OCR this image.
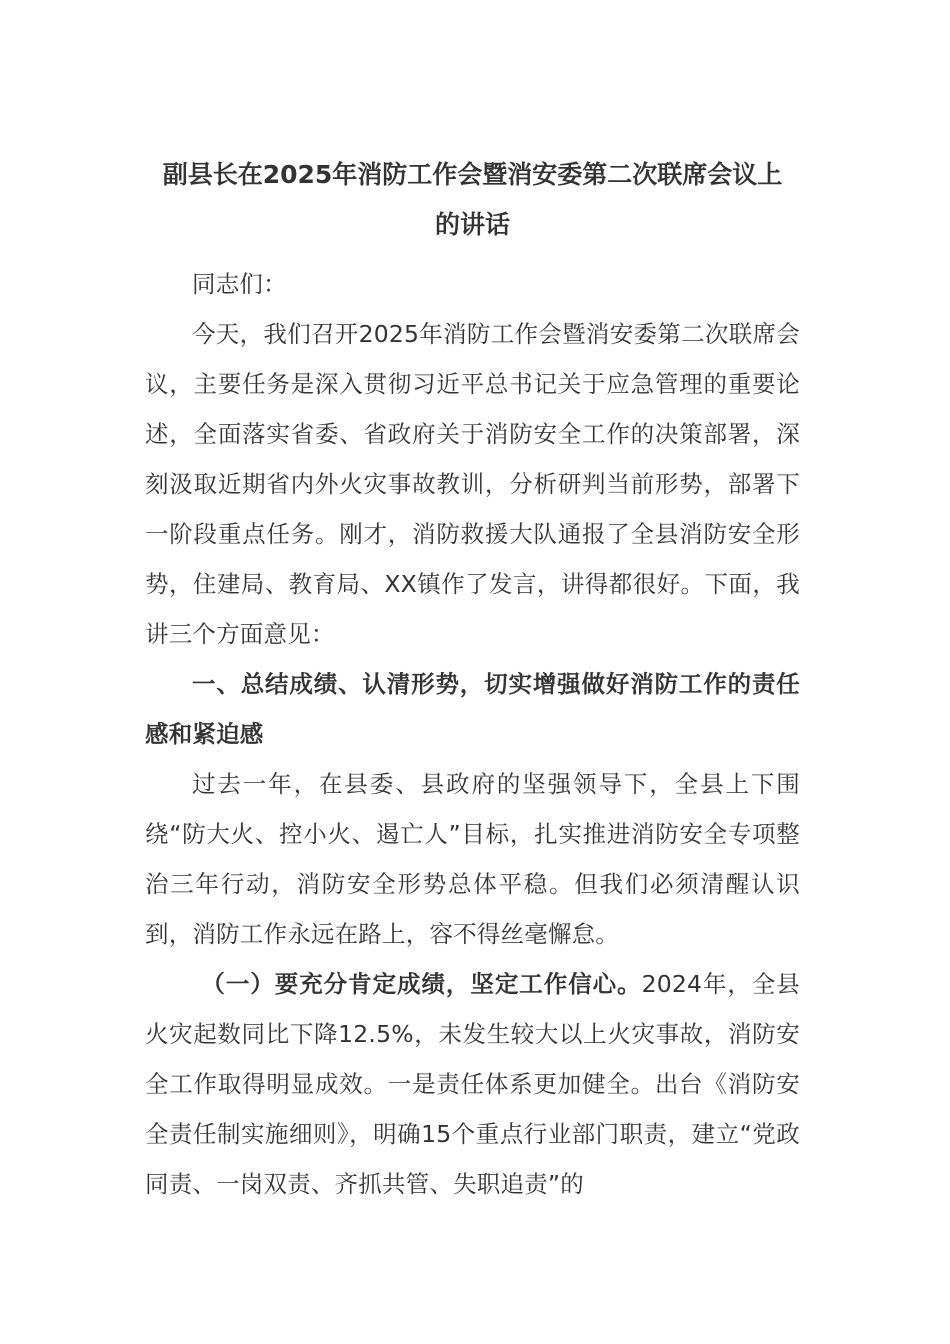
副县长在2025年消防工作会暨消安委第二次联席会议上
的讲话

同志们：

今天，我们召开2025年消防工作会暨消安委第二次联席会议，主要任务是深入贯彻习近平总书记关于应急管理的重要论述，全面落实省委、省政府关于消防安全工作的决策部署，深刻汲取近期省内外火灾事故教训，分析研判当前形势，部署下一阶段重点任务。刚才，消防救援大队通报了全县消防安全形势，住建局、教育局、XX镇作了发言，讲得都很好。下面，我讲三个方面意见：

一、总结成绩、认清形势，切实增强做好消防工作的责任感和紧迫感

过去一年，在县委、县政府的坚强领导下，全县上下围绕“防大火、控小火、遏亡人”目标，扎实推进消防安全专项整治三年行动，消防安全形势总体平稳。但我们必须清醒认识到，消防工作永远在路上，容不得丝毫懈怠。

（一）要充分肯定成绩，坚定工作信心。2024年，全县火灾起数同比下降12.5%，未发生较大以上火灾事故，消防安全工作取得明显成效。一是责任体系更加健全。出台《消防安全责任制实施细则》，明确15个重点行业部门职责，建立“党政同责、一岗双责、齐抓共管、失职追责”的
